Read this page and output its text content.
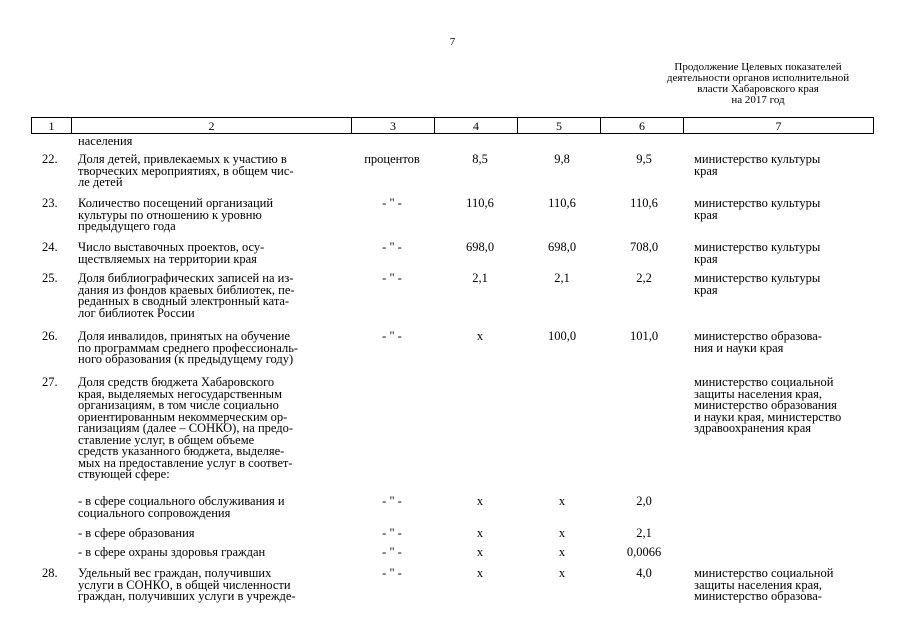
7
Продолжение Целевых показателей
деятельности органов исполнительной
власти Хабаровского края
на 2017 год
1	2	3	4	5	6	7
населения
22. Доля детей, привлекаемых к участию в
творческих мероприятиях, в общем чис-
ле детей
процентов	8,5	9,8	9,5	министерство культуры
края
23. Количество посещений организаций
культуры по отношению к уровню
предыдущего года
- " -	110,6	110,6	110,6	министерство культуры
края
24. Число выставочных проектов, осу-
ществляемых на территории края
- " -	698,0	698,0	708,0	министерство культуры
края
25. Доля библиографических записей на из-
дания из фондов краевых библиотек, пе-
реданных в сводный электронный катa-
лог библиотек России
- " -	2,1	2,1	2,2	министерство культуры
края
26. Доля инвалидов, принятых на обучение
по программам среднего профессиональ-
ного образования (к предыдущему году)
- " -	х	100,0	101,0	министерство образова-
ния и науки края
27. Доля средств бюджета Хабаровского
края, выделяемых негосударственным
организациям, в том числе социально
ориентированным некоммерческим ор-
ганизациям (далее – СОНКО), на предо-
ставление услуг, в общем объеме
средств указанного бюджета, выделяе-
мых на предоставление услуг в соответ-
ствующей сфере:
министерство социальной
защиты населения края,
министерство образования
и науки края, министерство
здравоохранения края
- в сфере социального обслуживания и
социального сопровождения
- " -	х	х	2,0
- в сфере образования	- " -	х	х	2,1
- в сфере охраны здоровья граждан	- " -	х	х	0,0066
28. Удельный вес граждан, получивших
услуги в СОНКО, в общей численности
граждан, получивших услуги в учрежде-
- " -	х	х	4,0	министерство социальной
защиты населения края,
министерство образова-
